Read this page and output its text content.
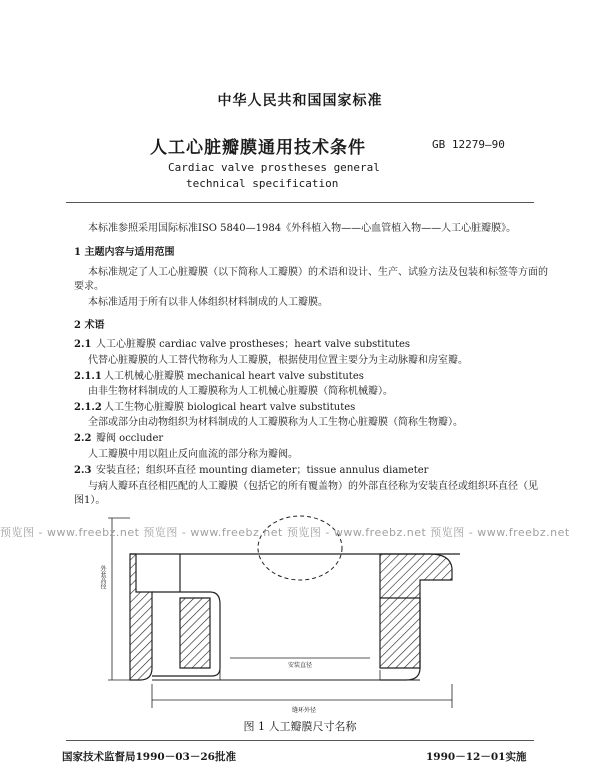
中华人民共和国国家标准
人工心脏瓣膜通用技术条件	GB 12279—90
Cardiac valve prostheses general
technical specification
本标准参照采用国际标准ISO 5840—1984《外科植入物——心血管植入物——人工心脏瓣膜》。
1 主题内容与适用范围
本标准规定了人工心脏瓣膜（以下简称人工瓣膜）的术语和设计、生产、试验方法及包装和标签等方面的要求。
本标准适用于所有以非人体组织材料制成的人工瓣膜。
2 术语
2.1 人工心脏瓣膜 cardiac valve prostheses；heart valve substitutes
代替心脏瓣膜的人工替代物称为人工瓣膜，根据使用位置主要分为主动脉瓣和房室瓣。
2.1.1 人工机械心脏瓣膜 mechanical heart valve substitutes
由非生物材料制成的人工瓣膜称为人工机械心脏瓣膜（简称机械瓣）。
2.1.2 人工生物心脏瓣膜 biological heart valve substitutes
全部或部分由动物组织为材料制成的人工瓣膜称为人工生物心脏瓣膜（简称生物瓣）。
2.2 瓣阀 occluder
人工瓣膜中用以阻止反向血流的部分称为瓣阀。
2.3 安装直径；组织环直径 mounting diameter；tissue annulus diameter
与病人瓣环直径相匹配的人工瓣膜（包括它的所有覆盖物）的外部直径称为安装直径或组织环直径（见图1）。
外套高径
安装直径
缝环外径
预览图 - www.freebz.net 预览图 - www.freebz.net 预览图 - www.freebz.net 预览图 - www.freebz.net
图 1 人工瓣膜尺寸名称
国家技术监督局1990－03－26批准	1990－12－01实施
